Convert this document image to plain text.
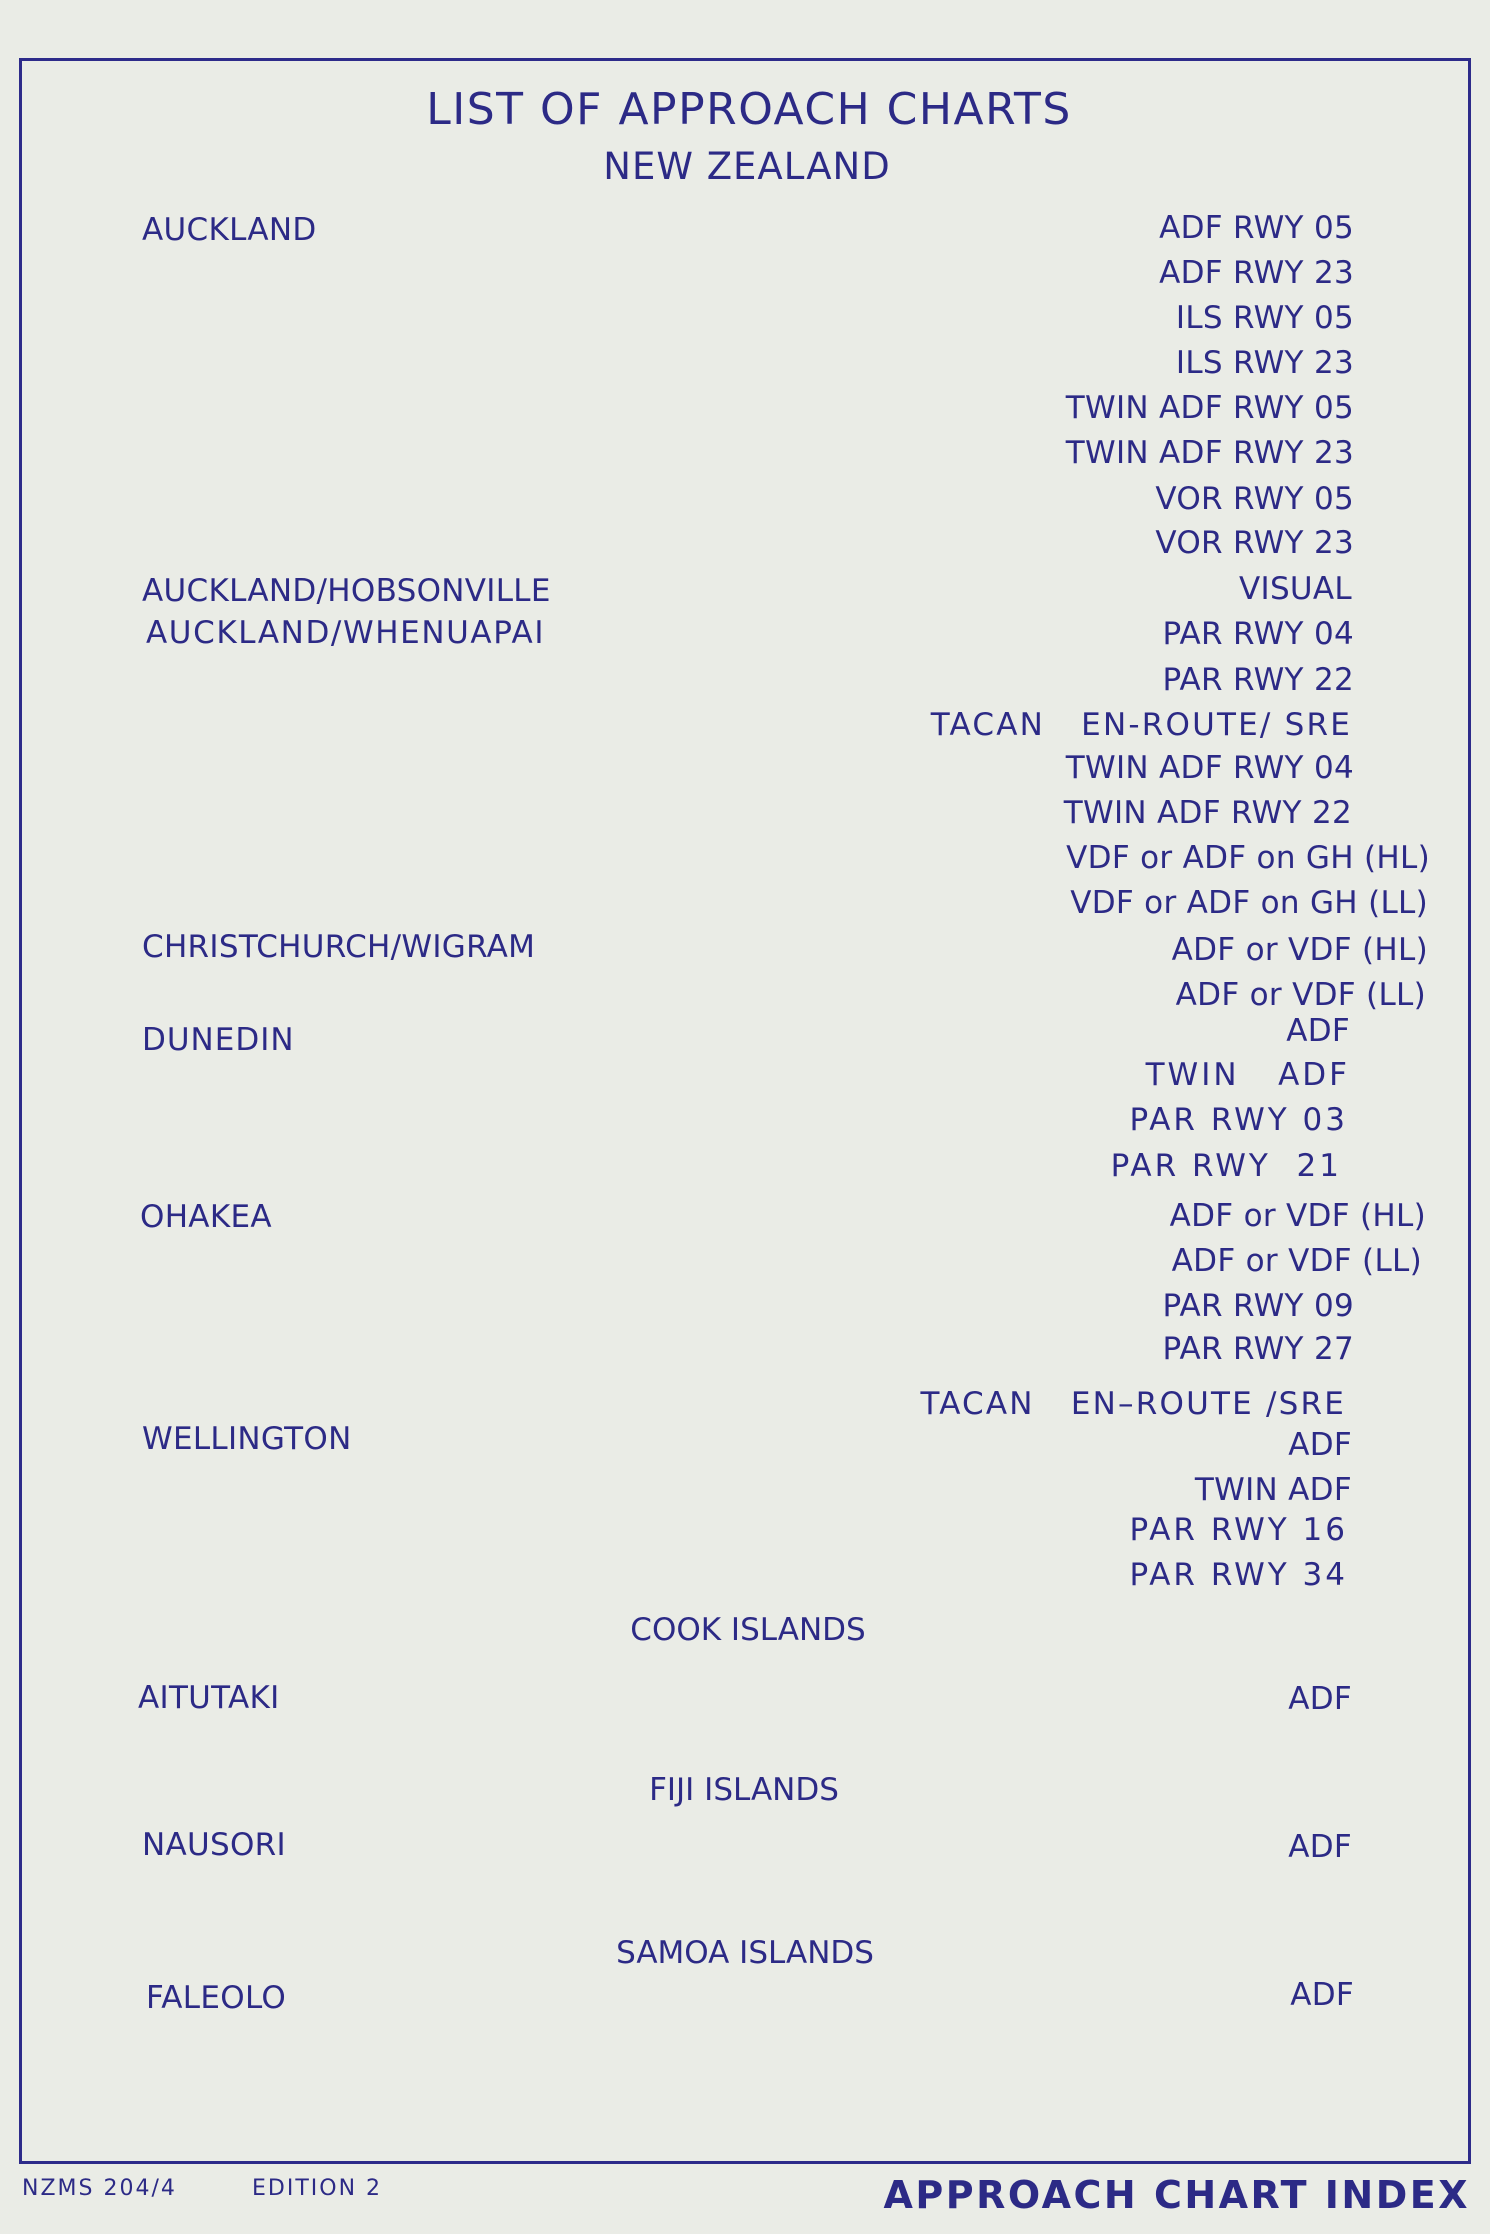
LIST OF APPROACH CHARTS
NEW ZEALAND
AUCKLAND
AUCKLAND/HOBSONVILLE
AUCKLAND/WHENUAPAI
CHRISTCHURCH/WIGRAM
DUNEDIN
OHAKEA
WELLINGTON
AITUTAKI
NAUSORI
FALEOLO
COOK ISLANDS
FIJI ISLANDS
SAMOA ISLANDS
ADF RWY 05
ADF RWY 23
ILS RWY 05
ILS RWY 23
TWIN ADF RWY 05
TWIN ADF RWY 23
VOR RWY 05
VOR RWY 23
VISUAL
PAR RWY 04
PAR RWY 22
TACAN   EN-ROUTE/ SRE
TWIN ADF RWY 04
TWIN ADF RWY 22
VDF or ADF on GH (HL)
VDF or ADF on GH (LL)
ADF or VDF (HL)
ADF or VDF (LL)
ADF
TWIN   ADF
PAR RWY 03
PAR RWY  21
ADF or VDF (HL)
ADF or VDF (LL)
PAR RWY 09
PAR RWY 27
TACAN   EN–ROUTE /SRE
ADF
TWIN ADF
PAR RWY 16
PAR RWY 34
ADF
ADF
ADF
NZMS 204/4	EDITION 2	APPROACH CHART INDEX
